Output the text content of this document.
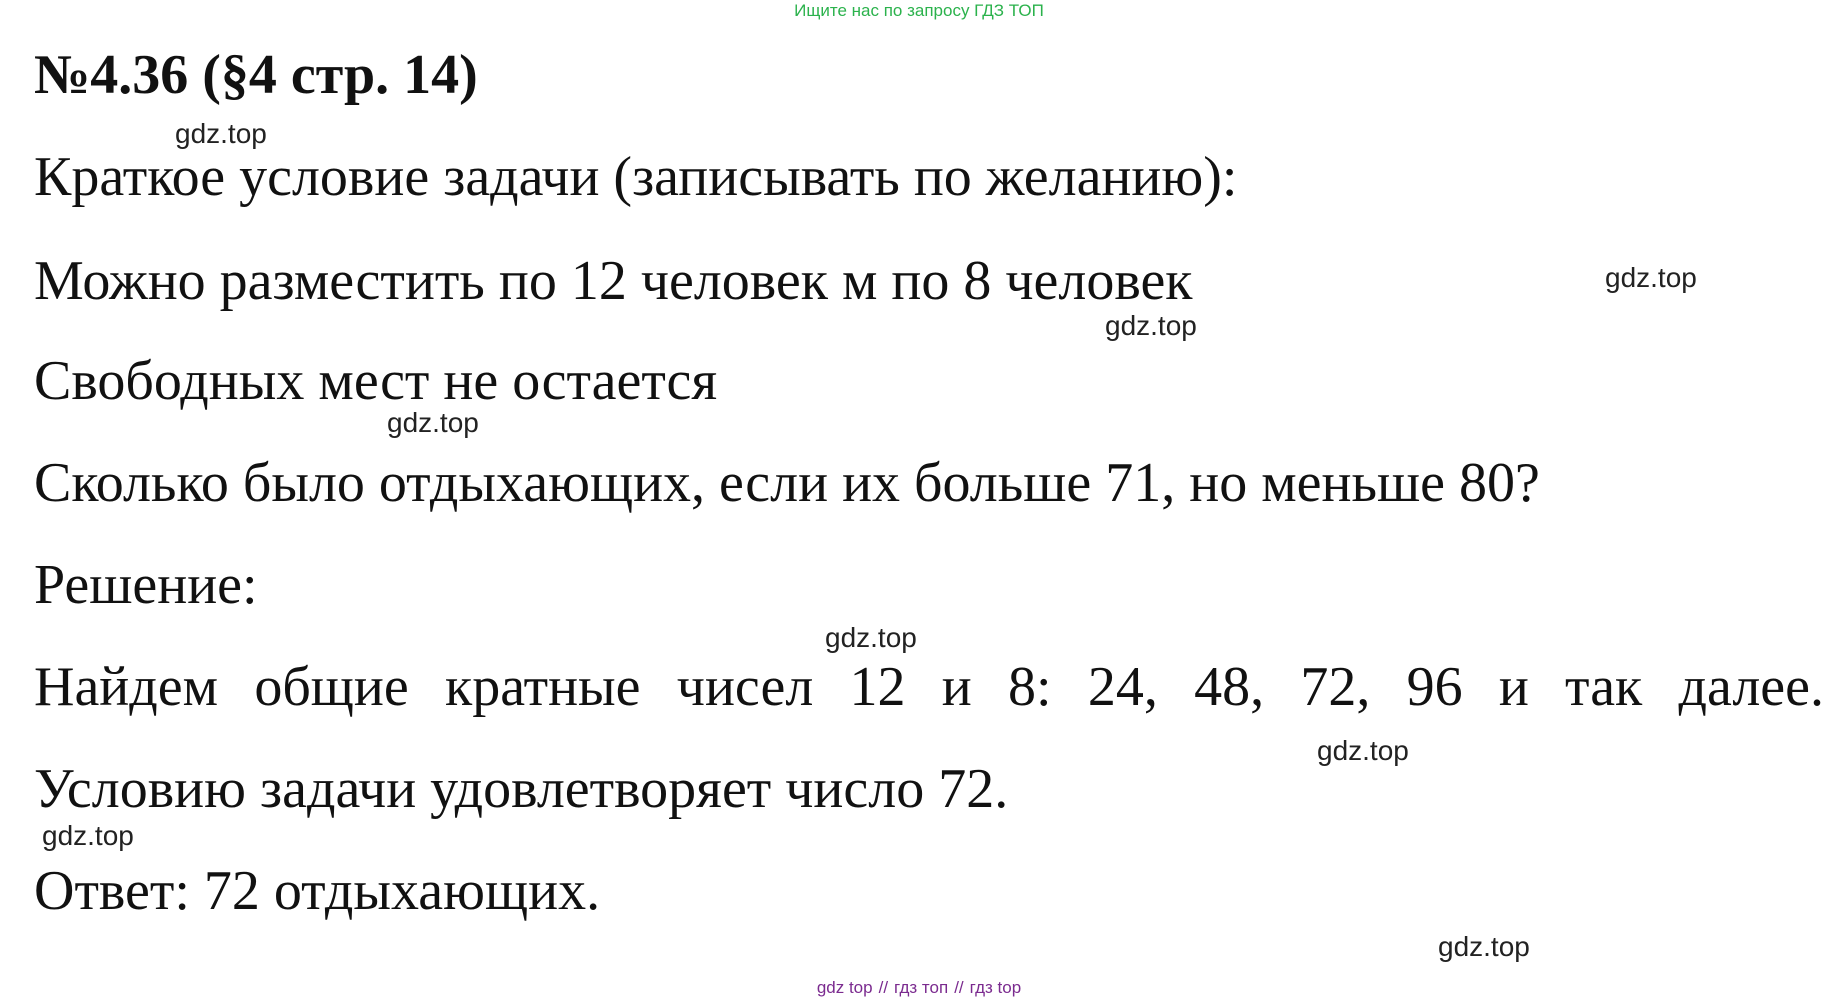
Ищите нас по запросу ГДЗ ТОП
№4.36 (§4 стр. 14)

Краткое условие задачи (записывать по желанию):

Можно разместить по 12 человек м по 8 человек

Свободных мест не остается

Сколько было отдыхающих, если их больше 71, но меньше 80?

Решение:

Найдем общие кратные чисел 12 и 8: 24, 48, 72, 96 и так далее.

Условию задачи удовлетворяет число 72.

Ответ: 72 отдыхающих.

gdz.top
gdz.top
gdz.top
gdz.top
gdz.top
gdz.top
gdz.top
gdz.top
gdz top // гдз топ // гдз top
